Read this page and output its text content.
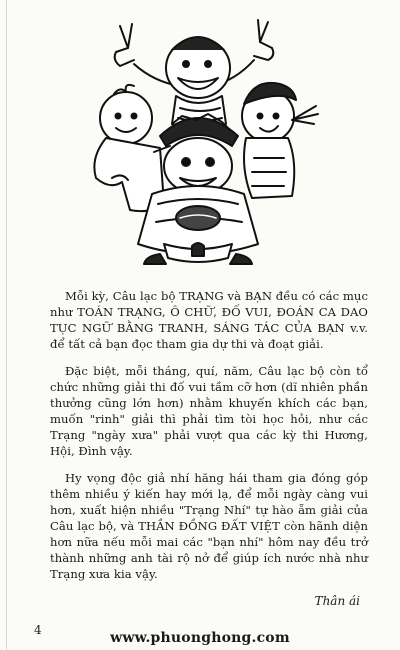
Mỗi kỳ, Câu lạc bộ TRẠNG và BẠN đều có các mục như TOÁN TRẠNG, Ô CHỮ, ĐỐ VUI, ĐOÁN CA DAO TỤC NGỮ BẰNG TRANH, SÁNG TÁC CỦA BẠN v.v. để tất cả bạn đọc tham gia dự thi và đoạt giải.

Đặc biệt, mỗi tháng, quí, năm, Câu lạc bộ còn tổ chức những giải thi đố vui tầm cỡ hơn (dĩ nhiên phần thưởng cũng lớn hơn) nhằm khuyến khích các bạn, muốn "rinh" giải thì phải tìm tòi học hỏi, như các Trạng "ngày xưa" phải vượt qua các kỳ thi Hương, Hội, Đình vậy.

Hy vọng độc giả nhí hăng hái tham gia đóng góp thêm nhiều ý kiến hay mới lạ, để mỗi ngày càng vui hơn, xuất hiện nhiều "Trạng Nhí" tự hào ẵm giải của Câu lạc bộ, và THẦN ĐỒNG ĐẤT VIỆT còn hãnh diện hơn nữa nếu mỗi mai các "bạn nhí" hôm nay đều trở thành những anh tài rộ nở để giúp ích nước nhà như Trạng xưa kia vậy.

Thân ái
4	www.phuonghong.com
